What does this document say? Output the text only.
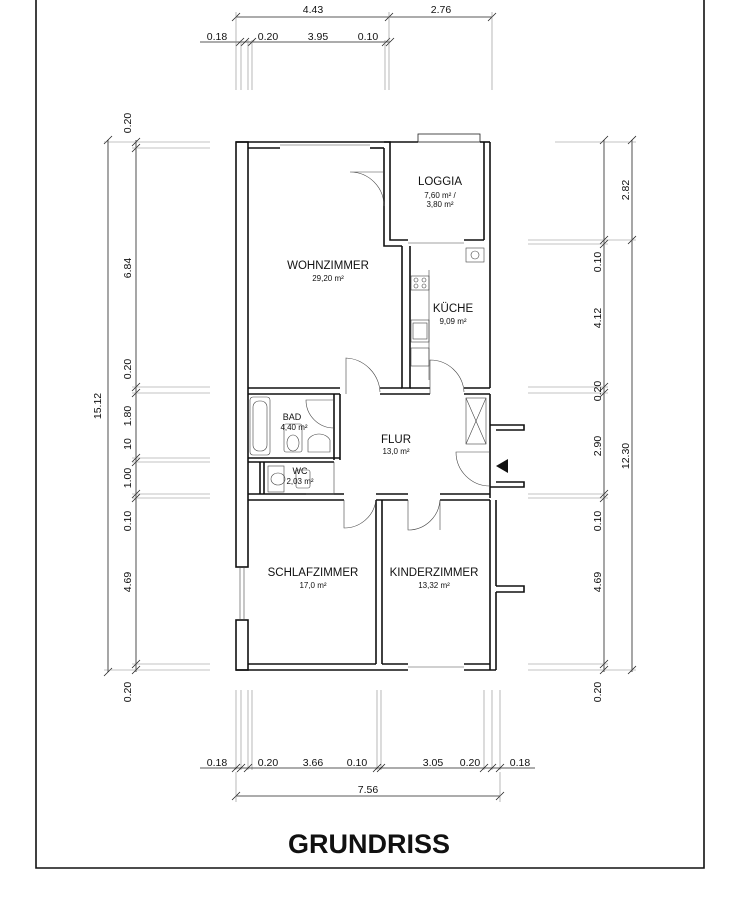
4.43	2.76
0.18	0.20	3.95	0.10
15.12
0.20
6.84
0.20
1.80
10
1.00
0.10
4.69
0.20
2.82
0.10
4.12
0.20
2.90
0.10
4.69
0.20
12.30
0.18	0.20 3.66 0.10	3.05 0.20	0.18
7.56
LOGGIA
7,60 m² /
3,80 m²
WOHNZIMMER
29,20 m²
KÜCHE
9,09 m²
BAD
4,40 m²
FLUR
13,0 m²
WC
2,03 m²
SCHLAFZIMMER
17,0 m²
KINDERZIMMER
13,32 m²
GRUNDRISS
